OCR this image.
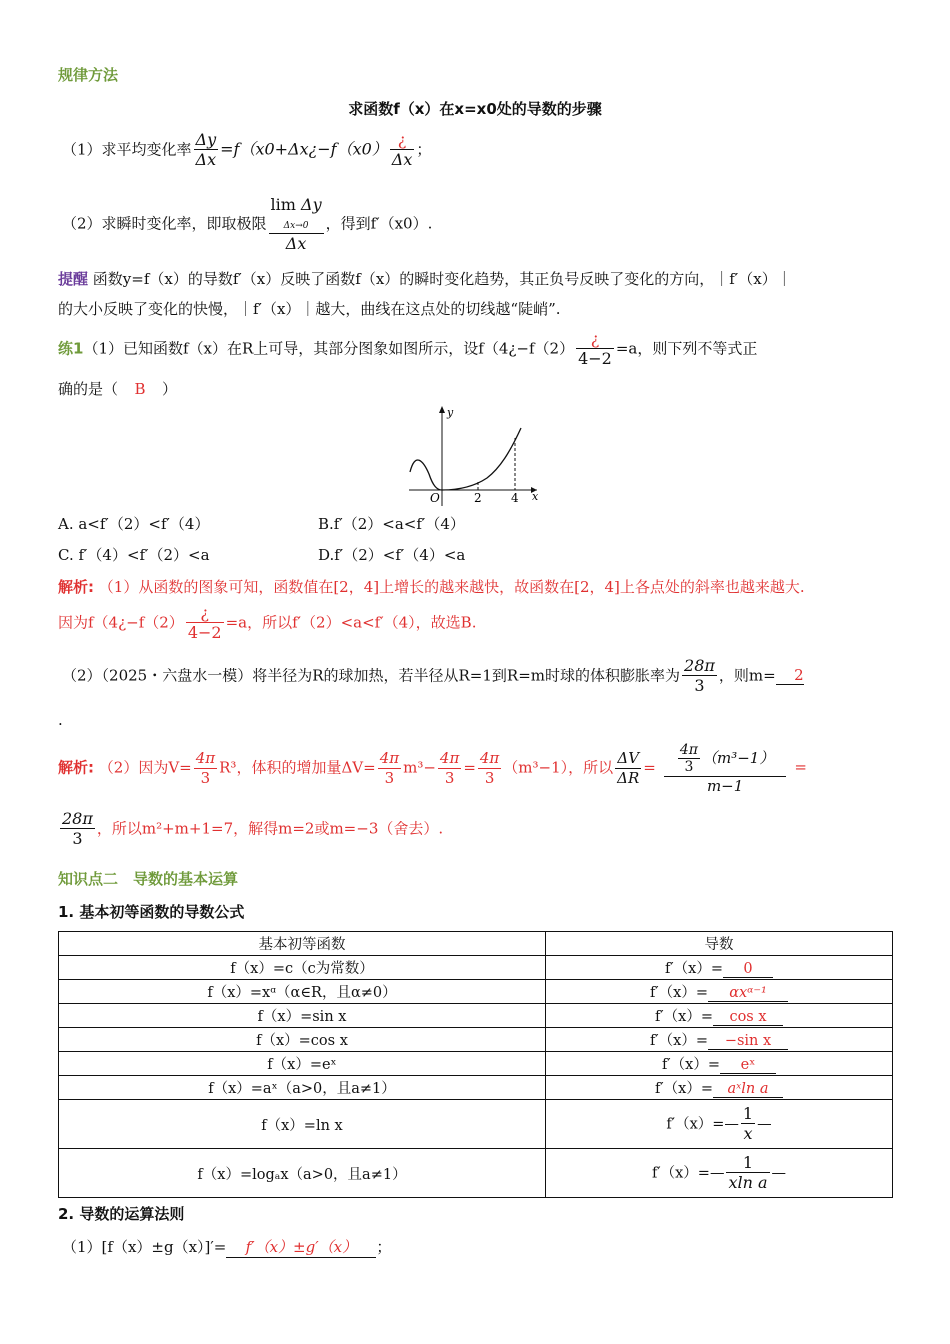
规律方法
求函数f（x）在x=x0处的导数的步骤
（1）求平均变化率 $\frac{\Delta y}{\Delta x}$ =f（x0+Δx¿−f（x0） $\frac{¿}{\Delta x}$ ；
（2）求瞬时变化率，即取极限
lim Δy
Δx→0
Δx
，得到f′（x0）.
提醒 函数y=f（x）的导数f′（x）反映了函数f（x）的瞬时变化趋势，其正负号反映了变化的方向，｜f′（x）｜
的大小反映了变化的快慢，｜f′（x）｜越大，曲线在这点处的切线越“陡峭”.
练1（1）已知函数f（x）在R上可导，其部分图象如图所示，设f（4¿−f（2） $\frac{¿}{4-2} =a$，则下列不等式正
确的是（ B ）
y
x
O	2 4
A. a<f′（2）<f′（4）	B.f′（2）<a<f′（4）
C. f′（4）<f′（2）<a	D.f′（2）<f′（4）<a
解析: （1）从函数的图象可知，函数值在[2，4]上增长的越来越快，故函数在[2，4]上各点处的斜率也越来越大.
因为f（4¿−f（2） $\frac{¿}{4-2} =a$，所以f′（2）<a<f′（4），故选B.
（2）（2025・六盘水一模）将半径为R的球加热，若半径从R=1到R=m时球的体积膨胀率为 $\frac{28\pi}{3}$ ，则m= 2
.
解析: （2）因为$V= \frac{4\pi}{3} R^3$，体积的增加量$\Delta V= \frac{4\pi}{3} m^3- \frac{4\pi}{3} = \frac{4\pi}{3} (m^3-1)$，所以 $\frac{\Delta V}{\Delta R} = \frac{\frac{4\pi}{3} (m^3-1)}{m-1}$ =
$\frac{28\pi}{3}$ ，所以m²+m+1=7，解得m=2或m=−3（舍去）.
知识点二　导数的基本运算
1. 基本初等函数的导数公式
基本初等函数	导数
f（x）=c（c为常数）	f′（x）= 0
f（x）=xᵅ（α∈R，且α≠0）	f′（x）= αxᵅ⁻¹
f（x）=sin x	f′（x）= cos x
f（x）=cos x	f′（x）= −sin x
f（x）=eˣ	f′（x）= eˣ
f（x）=aˣ（a>0，且a≠1）	f′（x）= aˣln a
f（x）=ln x	f′（x）=— $\frac{1}{x}$ —
f（x）=logₐx（a>0，且a≠1）	f′（x）=— $\frac{1}{\text{xln a}}$ —
2. 导数的运算法则
（1）[f（x）±g（x）]′= f′（x）±g′（x） ；
